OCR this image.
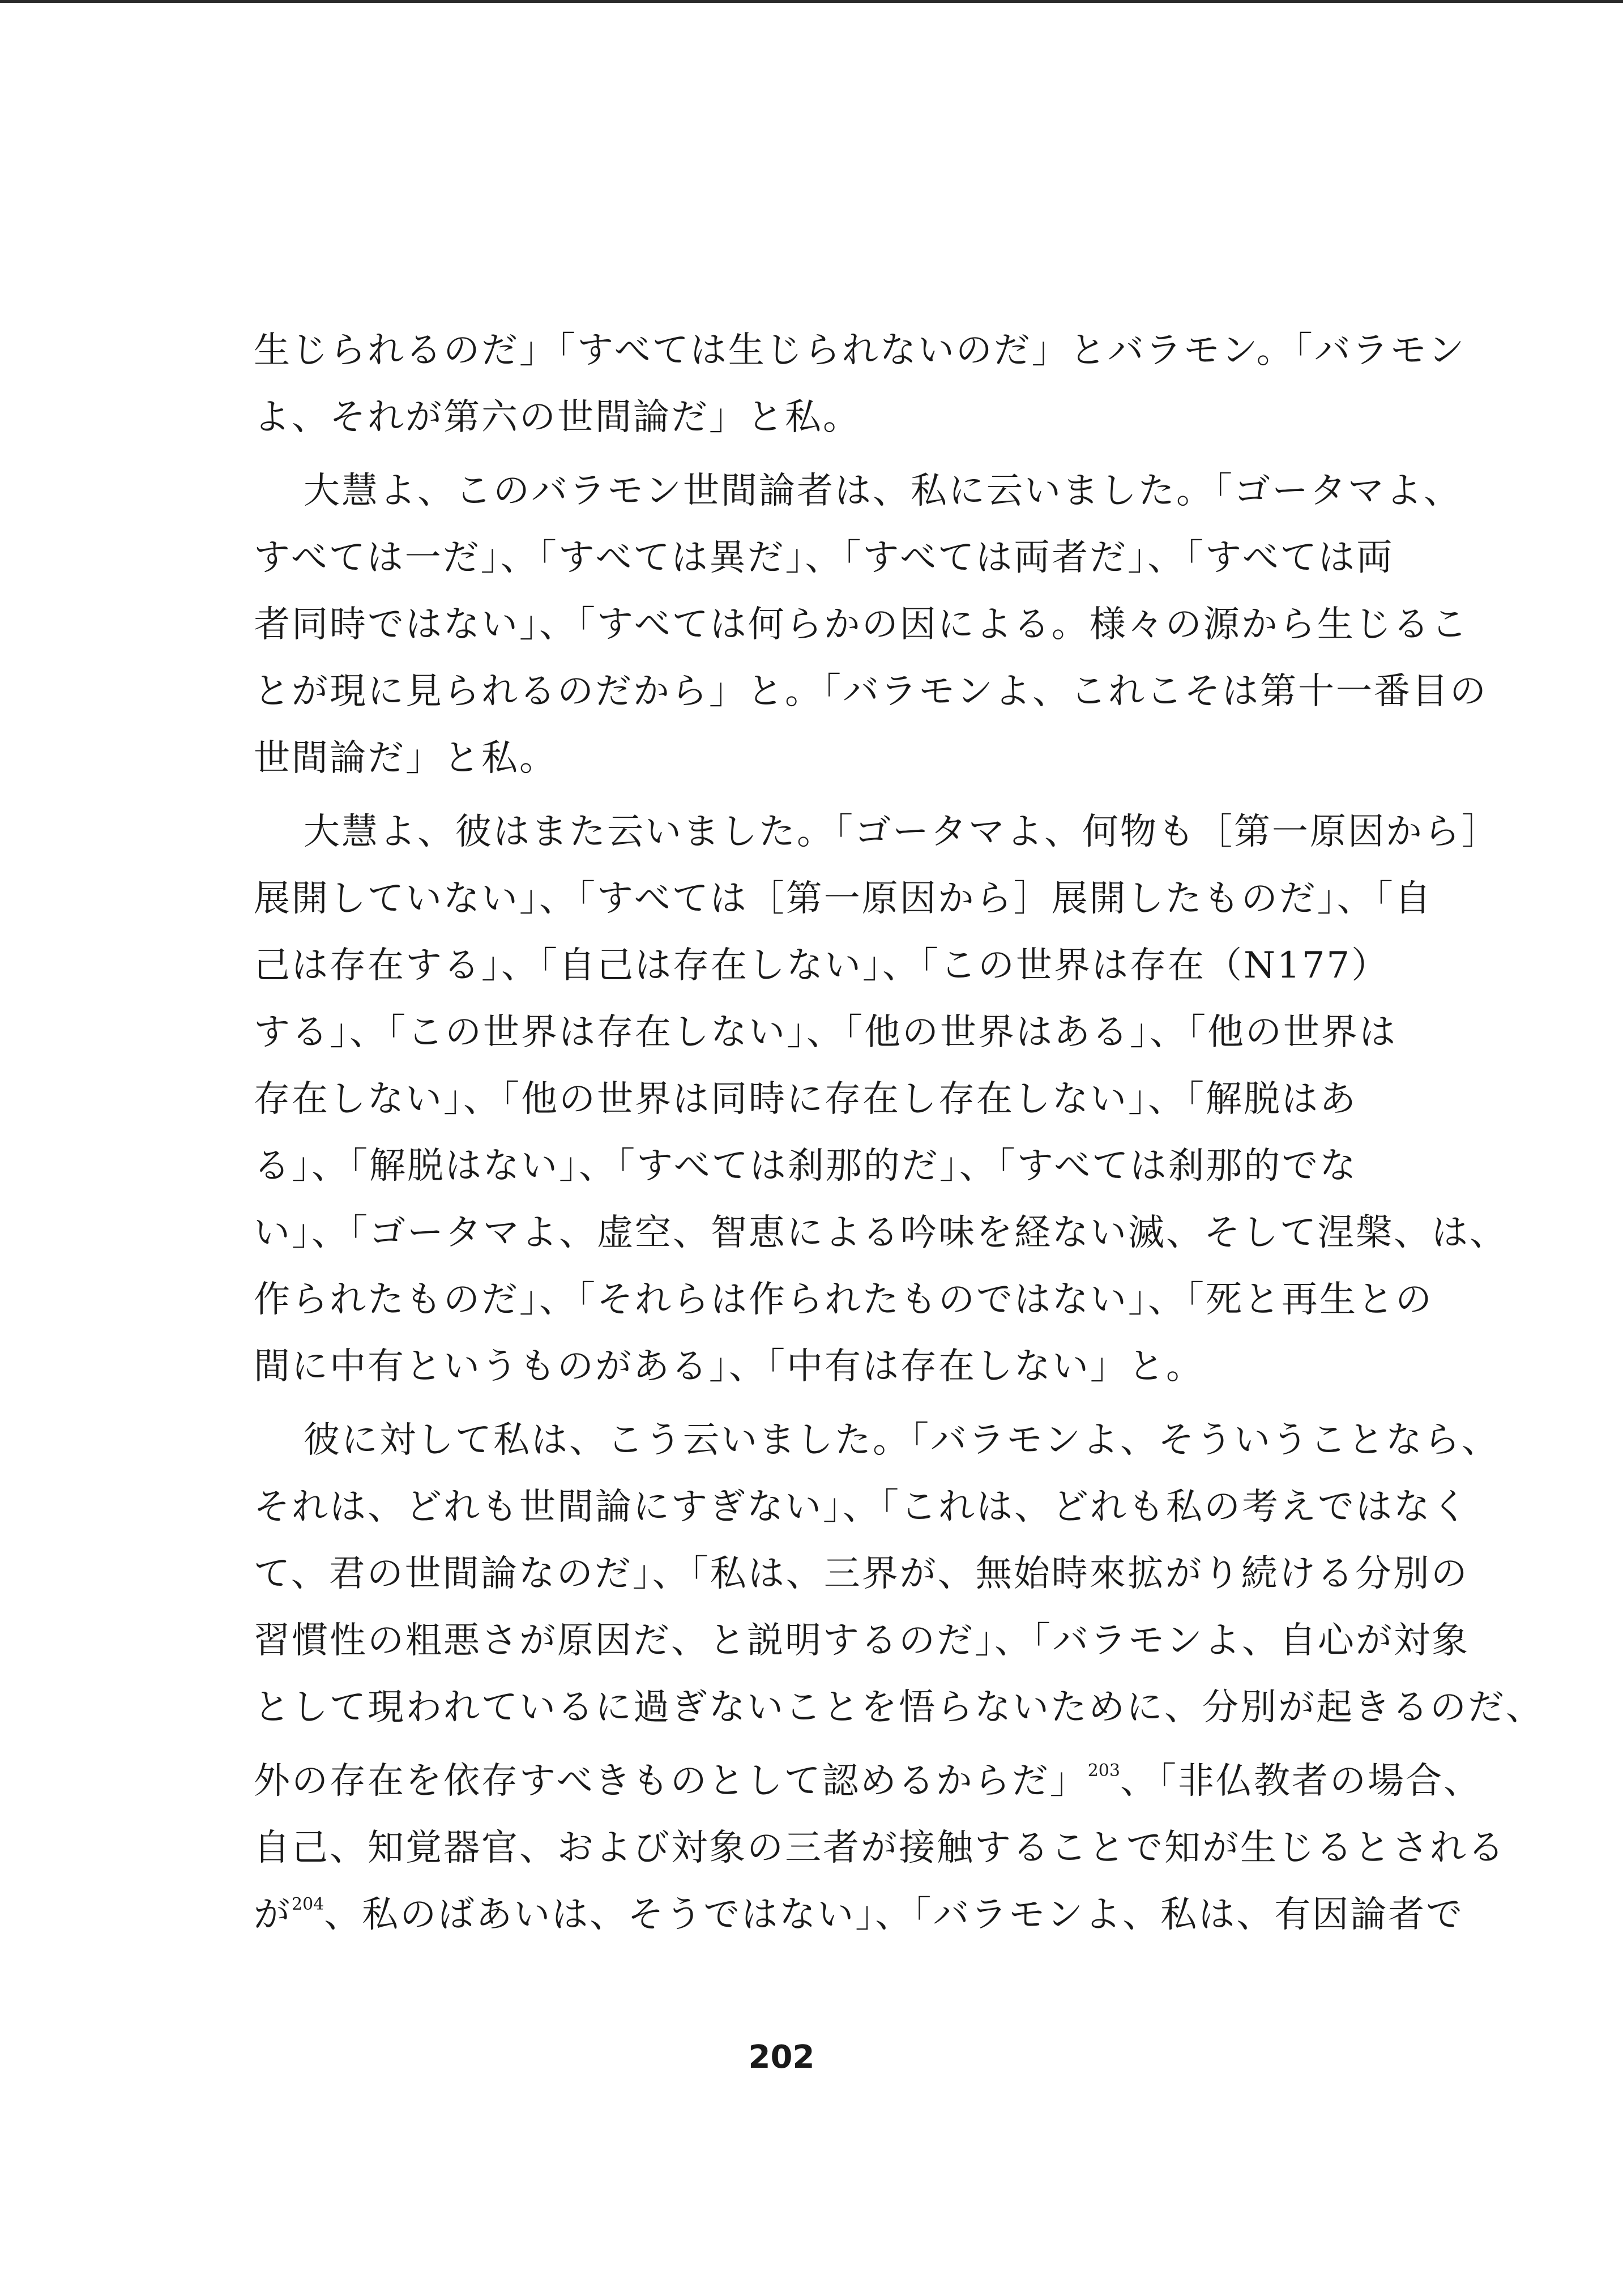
生じられるのだ」「すべては生じられないのだ」とバラモン。「バラモン
よ、それが第六の世間論だ」と私。
大慧よ、このバラモン世間論者は、私に云いました。「ゴータマよ、
すべては一だ」、「すべては異だ」、「すべては両者だ」、「すべては両
者同時ではない」、「すべては何らかの因による。様々の源から生じるこ
とが現に見られるのだから」と。「バラモンよ、これこそは第十一番目の
世間論だ」と私。
大慧よ、彼はまた云いました。「ゴータマよ、何物も［第一原因から］
展開していない」、「すべては［第一原因から］展開したものだ」、「自
己は存在する」、「自己は存在しない」、「この世界は存在（N177）
する」、「この世界は存在しない」、「他の世界はある」、「他の世界は
存在しない」、「他の世界は同時に存在し存在しない」、「解脱はあ
る」、「解脱はない」、「すべては刹那的だ」、「すべては刹那的でな
い」、「ゴータマよ、虚空、智恵による吟味を経ない滅、そして涅槃、は、
作られたものだ」、「それらは作られたものではない」、「死と再生との
間に中有というものがある」、「中有は存在しない」と。
彼に対して私は、こう云いました。「バラモンよ、そういうことなら、
それは、どれも世間論にすぎない」、「これは、どれも私の考えではなく
て、君の世間論なのだ」、「私は、三界が、無始時來拡がり続ける分別の
習慣性の粗悪さが原因だ、と説明するのだ」、「バラモンよ、自心が対象
として現われているに過ぎないことを悟らないために、分別が起きるのだ、
外の存在を依存すべきものとして認めるからだ」$^{203}$、「非仏教者の場合、
自己、知覚器官、および対象の三者が接触することで知が生じるとされる
が$^{204}$、私のばあいは、そうではない」、「バラモンよ、私は、有因論者で
202
